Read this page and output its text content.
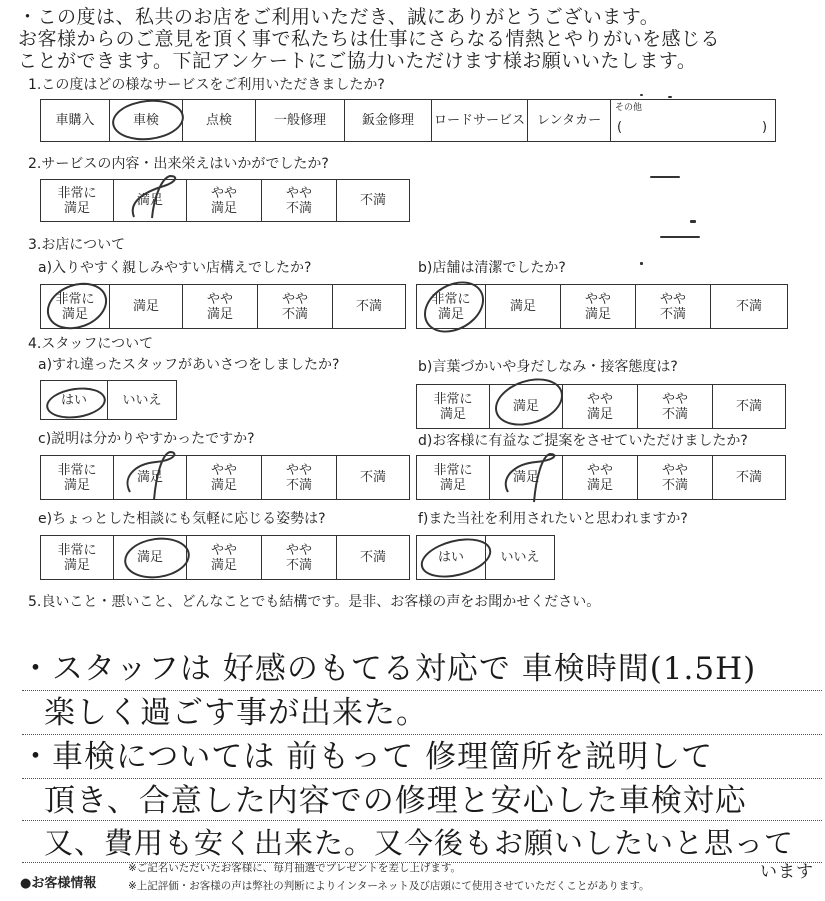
・この度は、私共のお店をご利用いただき、誠にありがとうございます。
お客様からのご意見を頂く事で私たちは仕事にさらなる情熱とやりがいを感じる
ことができます。下記アンケートにご協力いただけます様お願いいたします。
1.この度はどの様なサービスをご利用いただきましたか?
車購入	車検	点検	一般修理	鈑金修理	ロードサービス	レンタカー	
その他
(	)
2.サービスの内容・出来栄えはいかがでしたか?
非常に
満足	満足	やや
満足	やや
不満	不満
3.お店について
a)入りやすく親しみやすい店構えでしたか?	b)店舗は清潔でしたか?
非常に
満足	満足	やや
満足	やや
不満	不満	非常に
満足	満足	やや
満足	やや
不満	不満
4.スタッフについて
a)すれ違ったスタッフがあいさつをしましたか?	b)言葉づかいや身だしなみ・接客態度は?
はい	いいえ	非常に
満足	満足	やや
満足	やや
不満	不満
c)説明は分かりやすかったですか?	d)お客様に有益なご提案をさせていただけましたか?
非常に
満足	満足	やや
満足	やや
不満	不満	非常に
満足	満足	やや
満足	やや
不満	不満
e)ちょっとした相談にも気軽に応じる姿勢は?	f)また当社を利用されたいと思われますか?
非常に
満足	満足	やや
満足	やや
不満	不満	はい	いいえ
5.良いこと・悪いこと、どんなことでも結構です。是非、お客様の声をお聞かせください。
・スタッフは 好感のもてる対応で 車検時間(1.5H)
楽しく過ごす事が出来た。
・車検については 前もって 修理箇所を説明して
頂き、合意した内容での修理と安心した車検対応
又、費用も安く出来た。又今後もお願いしたいと思って
います
●お客様情報
※ご記名いただいたお客様に、毎月抽選でプレゼントを差し上げます。
※上記評価・お客様の声は弊社の判断によりインターネット及び店頭にて使用させていただくことがあります。
